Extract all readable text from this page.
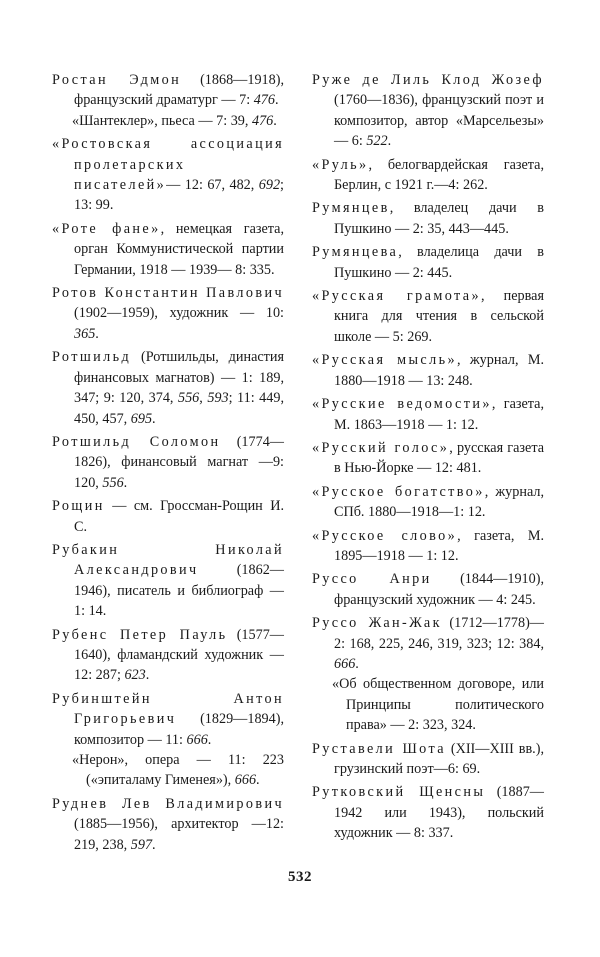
Ростан Эдмон (1868—1918), французский драматург — 7: 476.
«Шантеклер», пьеса — 7: 39, 476.
«Ростовская ассоциация пролетарских писателей»— 12: 67, 482, 692; 13: 99.
«Роте фане», немецкая газета, орган Коммунистической партии Германии, 1918 — 1939— 8: 335.
Ротов Константин Павлович (1902—1959), художник — 10: 365.
Ротшильд (Ротшильды, династия финансовых магнатов) — 1: 189, 347; 9: 120, 374, 556, 593; 11: 449, 450, 457, 695.
Ротшильд Соломон (1774—1826), финансовый магнат —9: 120, 556.
Рощин — см. Гроссман-Рощин И. С.
Рубакин Николай Александрович (1862—1946), писатель и библиограф — 1: 14.
Рубенс Петер Пауль (1577—1640), фламандский художник — 12: 287; 623.
Рубинштейн Антон Григорьевич (1829—1894), композитор — 11: 666.
«Нерон», опера — 11: 223 («эпиталаму Гименея»), 666.
Руднев Лев Владимирович (1885—1956), архитектор —12: 219, 238, 597.
Руже де Лиль Клод Жозеф (1760—1836), французский поэт и композитор, автор «Марсельезы» — 6: 522.
«Руль», белогвардейская газета, Берлин, с 1921 г.—4: 262.
Румянцев, владелец дачи в Пушкино — 2: 35, 443—445.
Румянцева, владелица дачи в Пушкино — 2: 445.
«Русская грамота», первая книга для чтения в сельской школе — 5: 269.
«Русская мысль», журнал, М. 1880—1918 — 13: 248.
«Русские ведомости», газета, М. 1863—1918 — 1: 12.
«Русский голос», русская газета в Нью-Йорке — 12: 481.
«Русское богатство», журнал, СПб. 1880—1918—1: 12.
«Русское слово», газета, М. 1895—1918 — 1: 12.
Руссо Анри (1844—1910), французский художник — 4: 245.
Руссо Жан-Жак (1712—1778)— 2: 168, 225, 246, 319, 323; 12: 384, 666.
«Об общественном договоре, или Принципы политического права» — 2: 323, 324.
Руставели Шота (XII—XIII вв.), грузинский поэт—6: 69.
Рутковский Щенсны (1887—1942 или 1943), польский художник — 8: 337.
532
